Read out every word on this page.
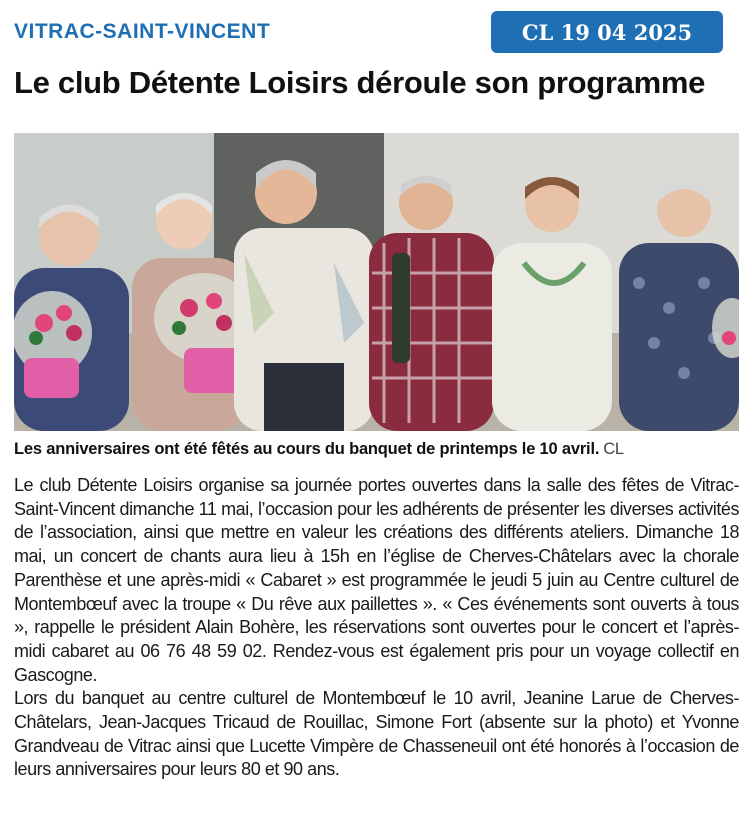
VITRAC-SAINT-VINCENT	CL 19 04 2025
Le club Détente Loisirs déroule son programme
Les anniversaires ont été fêtés au cours du banquet de printemps le 10 avril. CL

Le club Détente Loisirs organise sa journée portes ouvertes dans la salle des fêtes de Vitrac-Saint-Vincent dimanche 11 mai, l’occasion pour les adhérents de présenter les diverses activités de l’association, ainsi que mettre en valeur les créations des différents ateliers. Dimanche 18 mai, un concert de chants aura lieu à 15h en l’église de Cherves-Châtelars avec la chorale Parenthèse et une après-midi « Cabaret » est programmée le jeudi 5 juin au Centre culturel de Montembœuf avec la troupe « Du rêve aux paillettes ». « Ces événements sont ouverts à tous », rappelle le président Alain Bohère, les réservations sont ouvertes pour le concert et l’après-midi cabaret au 06 76 48 59 02. Rendez-vous est également pris pour un voyage collectif en Gascogne.

Lors du banquet au centre culturel de Montembœuf le 10 avril, Jeanine Larue de Cherves-Châtelars, Jean-Jacques Tricaud de Rouillac, Simone Fort (absente sur la photo) et Yvonne Grandveau de Vitrac ainsi que Lucette Vimpère de Chasseneuil ont été honorés à l’occasion de leurs anniversaires pour leurs 80 et 90 ans.
